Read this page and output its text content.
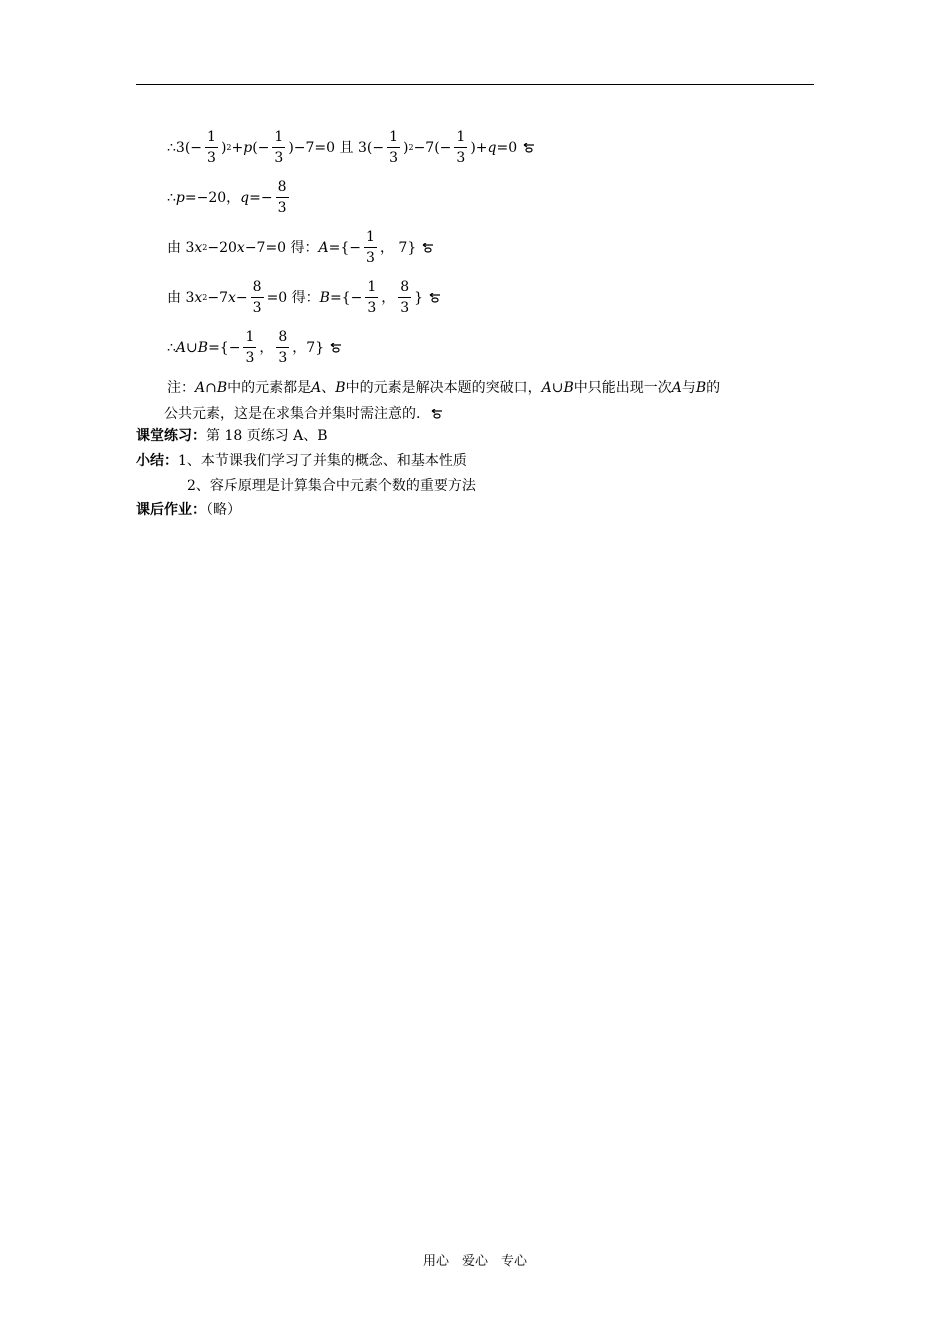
∴3(− $\frac{1}{3}$ ) 2 + p (− $\frac{1}{3} )-7=0$ 且 $3(- \frac{1}{3}$ ) $2 -7(- \frac{1}{3}$ )+ q =0
∴ p =−20， $q =- \frac{8}{3}$
由 3 x 2 −20 x −7=0 得： A ={− $\frac{1}{3}$ ， 7}
由 3 x 2 −7 $x - \frac{8}{3} =0$ 得： B ={− $\frac{1}{3}$ ， $\frac{8}{3}$ }
∴ A ∪ B ={− $\frac{1}{3}$ ， $\frac{8}{3}$ ，7}
注：A∩B中的元素都是A、B中的元素是解决本题的突破口，A∪B中只能出现一次A与B的
公共元素，这是在求集合并集时需注意的.
课堂练习：第 18 页练习 A、B
小结：1、本节课我们学习了并集的概念、和基本性质
2、容斥原理是计算集合中元素个数的重要方法
课后作业：（略）
用心　爱心　专心
